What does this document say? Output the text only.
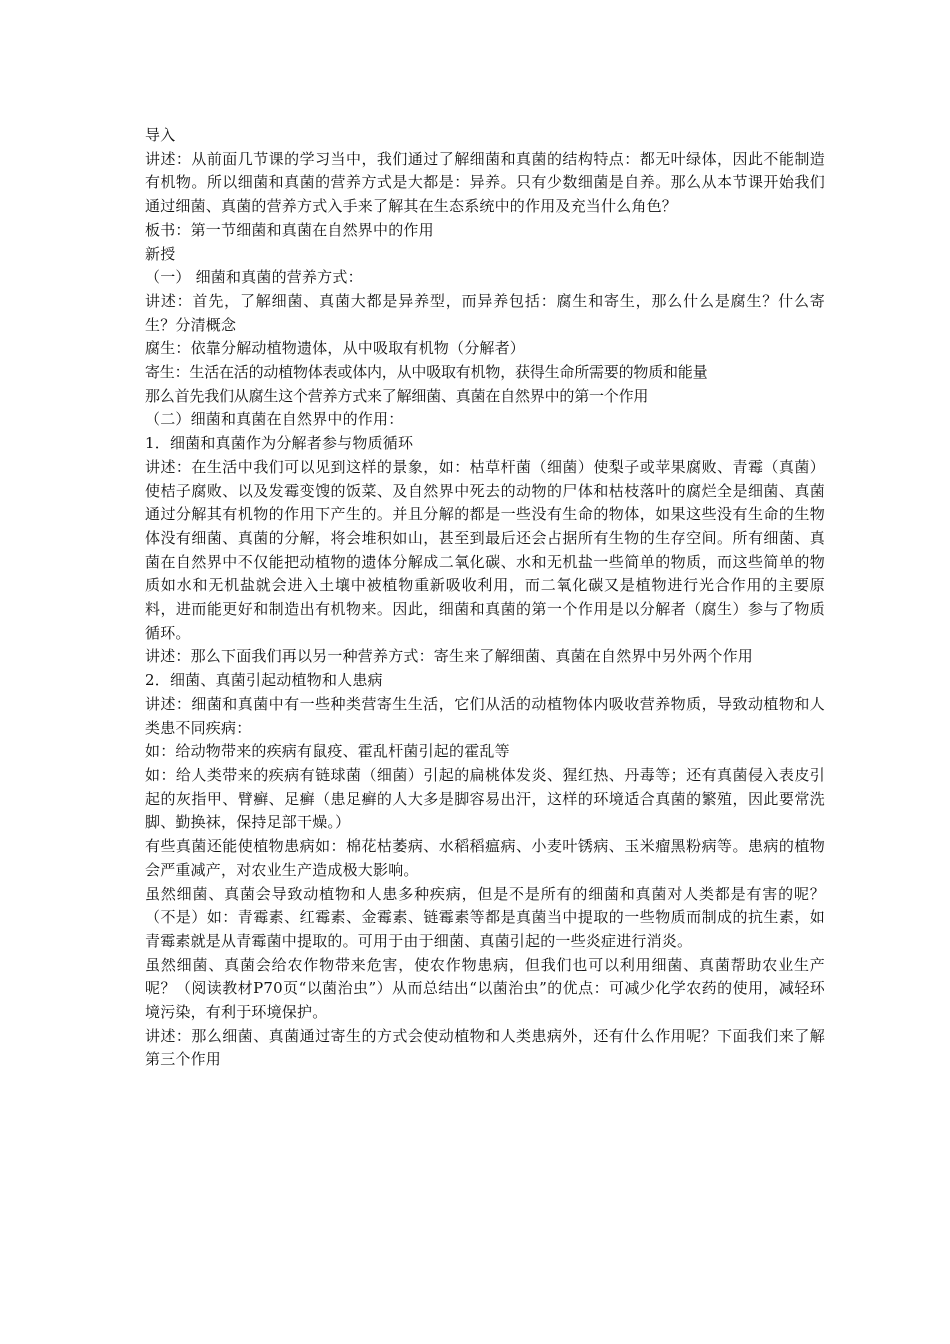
导入

讲述：从前面几节课的学习当中，我们通过了解细菌和真菌的结构特点：都无叶绿体，因此不能制造有机物。所以细菌和真菌的营养方式是大都是：异养。只有少数细菌是自养。那么从本节课开始我们通过细菌、真菌的营养方式入手来了解其在生态系统中的作用及充当什么角色？

板书：第一节细菌和真菌在自然界中的作用

新授

（一） 细菌和真菌的营养方式：

讲述：首先，了解细菌、真菌大都是异养型，而异养包括：腐生和寄生，那么什么是腐生？什么寄生？分清概念

腐生：依靠分解动植物遗体，从中吸取有机物（分解者）

寄生：生活在活的动植物体表或体内，从中吸取有机物，获得生命所需要的物质和能量

那么首先我们从腐生这个营养方式来了解细菌、真菌在自然界中的第一个作用

（二）细菌和真菌在自然界中的作用：

1．细菌和真菌作为分解者参与物质循环

讲述：在生活中我们可以见到这样的景象，如：枯草杆菌（细菌）使梨子或苹果腐败、青霉（真菌）使桔子腐败、以及发霉变馊的饭菜、及自然界中死去的动物的尸体和枯枝落叶的腐烂全是细菌、真菌通过分解其有机物的作用下产生的。并且分解的都是一些没有生命的物体，如果这些没有生命的生物体没有细菌、真菌的分解，将会堆积如山，甚至到最后还会占据所有生物的生存空间。所有细菌、真菌在自然界中不仅能把动植物的遗体分解成二氧化碳、水和无机盐一些简单的物质，而这些简单的物质如水和无机盐就会进入土壤中被植物重新吸收利用，而二氧化碳又是植物进行光合作用的主要原料，进而能更好和制造出有机物来。因此，细菌和真菌的第一个作用是以分解者（腐生）参与了物质循环。

讲述：那么下面我们再以另一种营养方式：寄生来了解细菌、真菌在自然界中另外两个作用

2．细菌、真菌引起动植物和人患病

讲述：细菌和真菌中有一些种类营寄生生活，它们从活的动植物体内吸收营养物质，导致动植物和人类患不同疾病：

如：给动物带来的疾病有鼠疫、霍乱杆菌引起的霍乱等

如：给人类带来的疾病有链球菌（细菌）引起的扁桃体发炎、猩红热、丹毒等；还有真菌侵入表皮引起的灰指甲、臂癣、足癣（患足癣的人大多是脚容易出汗，这样的环境适合真菌的繁殖，因此要常洗脚、勤换袜，保持足部干燥。）

有些真菌还能使植物患病如：棉花枯萎病、水稻稻瘟病、小麦叶锈病、玉米瘤黑粉病等。患病的植物会严重减产，对农业生产造成极大影响。

虽然细菌、真菌会导致动植物和人患多种疾病，但是不是所有的细菌和真菌对人类都是有害的呢？（不是）如：青霉素、红霉素、金霉素、链霉素等都是真菌当中提取的一些物质而制成的抗生素，如青霉素就是从青霉菌中提取的。可用于由于细菌、真菌引起的一些炎症进行消炎。

虽然细菌、真菌会给农作物带来危害，使农作物患病，但我们也可以利用细菌、真菌帮助农业生产呢？（阅读教材P70页“以菌治虫”）从而总结出“以菌治虫”的优点：可减少化学农药的使用，减轻环境污染，有利于环境保护。

讲述：那么细菌、真菌通过寄生的方式会使动植物和人类患病外，还有什么作用呢？下面我们来了解第三个作用
